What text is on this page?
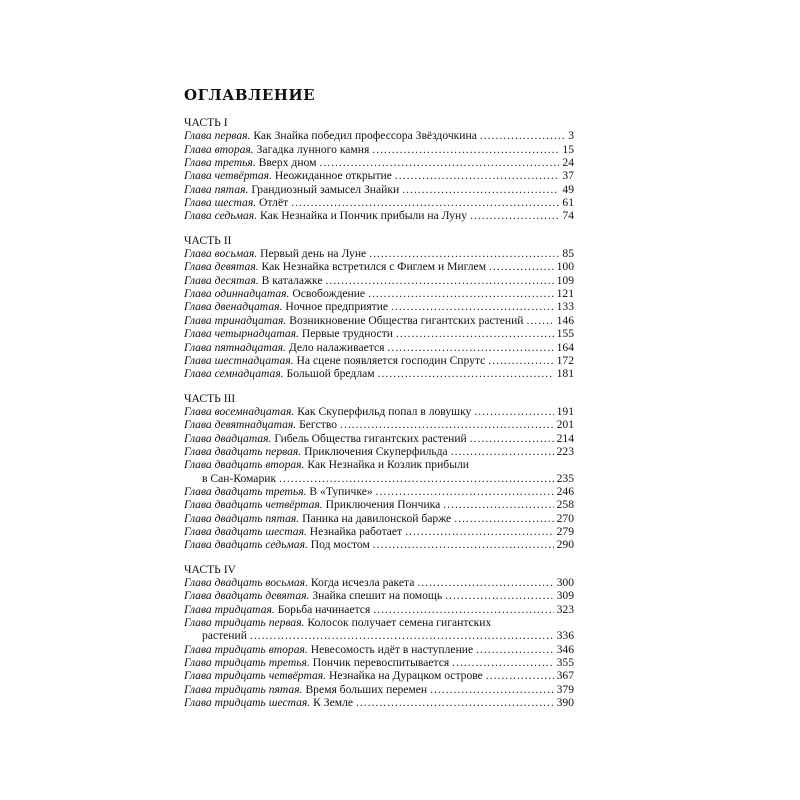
ОГЛАВЛЕНИЕ
ЧАСТЬ I
Глава первая. Как Знайка победил профессора Звёздочкина .....	3
Глава вторая. Загадка лунного камня .....	15
Глава третья. Вверх дном .....	24
Глава четвёртая. Неожиданное открытие .....	37
Глава пятая. Грандиозный замысел Знайки .....	49
Глава шестая. Отлёт .....	61
Глава седьмая. Как Незнайка и Пончик прибыли на Луну .....	74
ЧАСТЬ II
Глава восьмая. Первый день на Луне .....	85
Глава девятая. Как Незнайка встретился с Фиглем и Миглем .....	100
Глава десятая. В каталажке .....	109
Глава одиннадцатая. Освобождение .....	121
Глава двенадцатая. Ночное предприятие .....	133
Глава тринадцатая. Возникновение Общества гигантских растений .....	146
Глава четырнадцатая. Первые трудности .....	155
Глава пятнадцатая. Дело налаживается .....	164
Глава шестнадцатая. На сцене появляется господин Спрутс .....	172
Глава семнадцатая. Большой бредлам .....	181
ЧАСТЬ III
Глава восемнадцатая. Как Скуперфильд попал в ловушку .....	191
Глава девятнадцатая. Бегство .....	201
Глава двадцатая. Гибель Общества гигантских растений .....	214
Глава двадцать первая. Приключения Скуперфильда .....	223
Глава двадцать вторая. Как Незнайка и Козлик прибыли
в Сан-Комарик .....	235
Глава двадцать третья. В «Тупичке» .....	246
Глава двадцать четвёртая. Приключения Пончика .....	258
Глава двадцать пятая. Паника на давилонской барже .....	270
Глава двадцать шестая. Незнайка работает .....	279
Глава двадцать седьмая. Под мостом .....	290
ЧАСТЬ IV
Глава двадцать восьмая. Когда исчезла ракета .....	300
Глава двадцать девятая. Знайка спешит на помощь .....	309
Глава тридцатая. Борьба начинается .....	323
Глава тридцать первая. Колосок получает семена гигантских
растений .....	336
Глава тридцать вторая. Невесомость идёт в наступление .....	346
Глава тридцать третья. Пончик перевоспитывается .....	355
Глава тридцать четвёртая. Незнайка на Дурацком острове .....	367
Глава тридцать пятая. Время больших перемен .....	379
Глава тридцать шестая. К Земле .....	390
